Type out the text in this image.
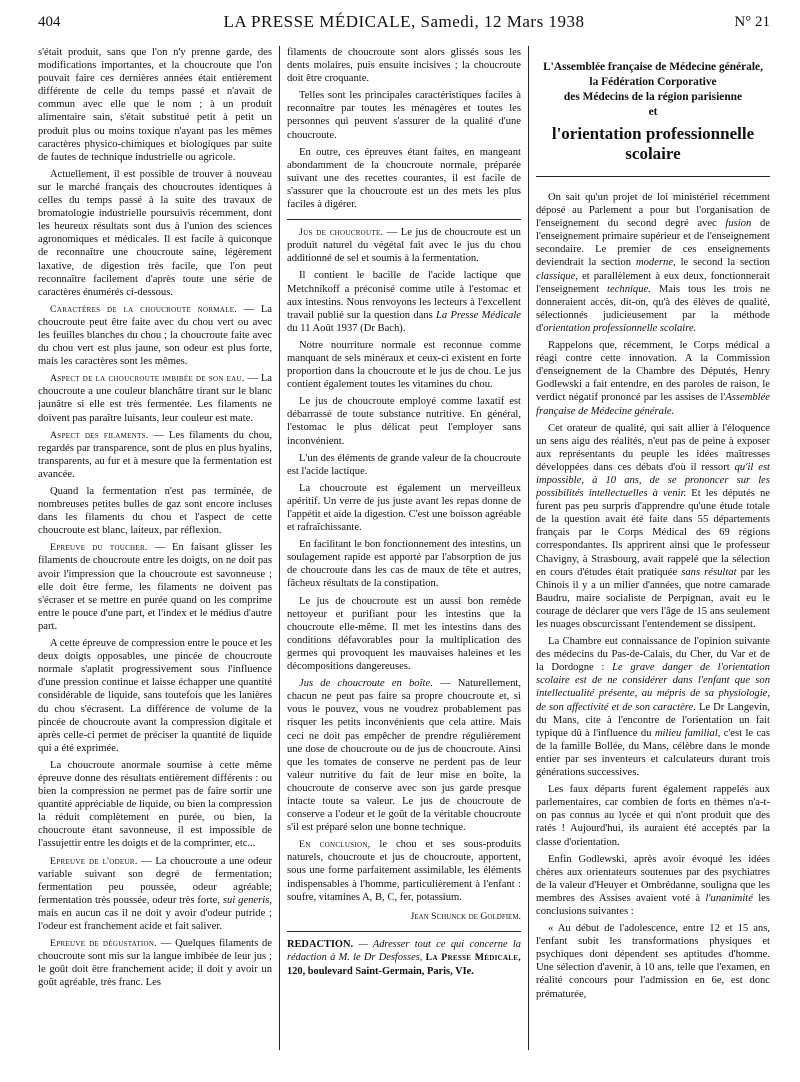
404	LA PRESSE MÉDICALE, Samedi, 12 Mars 1938	N° 21

s'était produit, sans que l'on n'y prenne garde, des modifications importantes, et la choucroute que l'on pouvait faire ces dernières années était entièrement différente de celle du temps passé et n'avait de commun avec elle que le nom ; à un produit alimentaire sain, s'était substitué petit à petit un produit plus ou moins toxique n'ayant pas les mêmes caractères physico-chimiques et biologiques par suite de fautes de technique industrielle ou agricole.

Actuellement, il est possible de trouver à nouveau sur le marché français des choucroutes identiques à celles du temps passé à la suite des travaux de bromatologie industrielle poursuivis récemment, dont les heureux résultats sont dus à l'union des sciences agronomiques et médicales. Il est facile à quiconque de reconnaître une choucroute saine, légèrement laxative, de digestion très facile, que l'on peut reconnaître facilement d'après toute une série de caractères énumérés ci-dessous.

Caractères de la choucroute normale. — La choucroute peut être faite avec du chou vert ou avec les feuilles blanches du chou ; la choucroute faite avec du chou vert est plus jaune, son odeur est plus forte, mais les caractères sont les mêmes.

Aspect de la choucroute imbibée de son eau. — La choucroute a une couleur blanchâtre tirant sur le blanc jaunâtre si elle est très fermentée. Les filaments ne doivent pas paraître luisants, leur couleur est mate.

Aspect des filaments. — Les filaments du chou, regardés par transparence, sont de plus en plus hyalins, transparents, au fur et à mesure que la fermentation est avancée.

Quand la fermentation n'est pas terminée, de nombreuses petites bulles de gaz sont encore incluses dans les filaments du chou et l'aspect de cette choucroute est blanc, laiteux, par réflexion.

Epreuve du toucher. — En faisant glisser les filaments de choucroute entre les doigts, on ne doit pas avoir l'impression que la choucroute est savonneuse ; elle doit être ferme, les filaments ne doivent pas s'écraser et se mettre en purée quand on les comprime entre le pouce d'une part, et l'index et le médius d'autre part.

A cette épreuve de compression entre le pouce et les deux doigts opposables, une pincée de choucroute normale s'aplatit progressivement sous l'influence d'une pression continue et laisse échapper une quantité considérable de liquide, sans toutefois que les lanières du chou s'écrasent. La différence de volume de la pincée de choucroute avant la compression digitale et après celle-ci permet de préciser la quantité de liquide qui a été exprimée.

La choucroute anormale soumise à cette même épreuve donne des résultats entièrement différents : ou bien la compression ne permet pas de faire sortir une quantité appréciable de liquide, ou bien la compression la réduit complètement en purée, ou bien, la choucroute étant savonneuse, il est impossible de l'assujettir entre les doigts et de la comprimer, etc...

Epreuve de l'odeur. — La choucroute a une odeur variable suivant son degré de fermentation; fermentation peu poussée, odeur agréable; fermentation très poussée, odeur très forte, sui generis, mais en aucun cas il ne doit y avoir d'odeur putride ; l'odeur est franchement acide et fait saliver.

Epreuve de dégustation. — Quelques filaments de choucroute sont mis sur la langue imbibée de leur jus ; le goût doit être franchement acide; il doit y avoir un goût agréable, très franc. Les

filaments de choucroute sont alors glissés sous les dents molaires, puis ensuite incisives ; la choucroute doit être croquante.

Telles sont les principales caractéristiques faciles à reconnaître par toutes les ménagères et toutes les personnes qui peuvent s'assurer de la qualité d'une choucroute.

En outre, ces épreuves étant faites, en mangeant abondamment de la choucroute normale, préparée suivant une des recettes courantes, il est facile de s'assurer que la choucroute est un des mets les plus faciles à digérer.

Jus de choucroute. — Le jus de choucroute est un produit naturel du végétal fait avec le jus du chou additionné de sel et soumis à la fermentation.

Il contient le bacille de l'acide lactique que Metchnikoff a préconisé comme utile à l'estomac et aux intestins. Nous renvoyons les lecteurs à l'excellent travail publié sur la question dans La Presse Médicale du 11 Août 1937 (Dr Bach).

Notre nourriture normale est reconnue comme manquant de sels minéraux et ceux-ci existent en forte proportion dans la choucroute et le jus de chou. Le jus contient également toutes les vitamines du chou.

Le jus de choucroute employé comme laxatif est débarrassé de toute substance nutritive. En général, l'estomac le plus délicat peut l'employer sans inconvénient.

L'un des éléments de grande valeur de la choucroute est l'acide lactique.

La choucroute est également un merveilleux apéritif. Un verre de jus juste avant les repas donne de l'appétit et aide la digestion. C'est une boisson agréable et rafraîchissante.

En facilitant le bon fonctionnement des intestins, un soulagement rapide est apporté par l'absorption de jus de choucroute dans les cas de maux de tête et autres, fâcheux résultats de la constipation.

Le jus de choucroute est un aussi bon remède nettoyeur et purifiant pour les intestins que la choucroute elle-même. Il met les intestins dans des conditions défavorables pour la multiplication des germes qui provoquent les mauvaises haleines et les décompositions dangereuses.

Jus de choucroute en boîte. — Naturellement, chacun ne peut pas faire sa propre choucroute et, si vous le pouvez, vous ne voudrez probablement pas risquer les petits inconvénients que cela attire. Mais ceci ne doit pas empêcher de prendre régulièrement une dose de choucroute ou de jus de choucroute. Ainsi que les tomates de conserve ne perdent pas de leur valeur nutritive du fait de leur mise en boîte, la choucroute de conserve avec son jus garde presque intacte toute sa valeur. Le jus de choucroute de conserve a l'odeur et le goût de la véritable choucroute s'il est préparé selon une bonne technique.

En conclusion, le chou et ses sous-produits naturels, choucroute et jus de choucroute, apportent, sous une forme parfaitement assimilable, les éléments indispensables à l'homme, particulièrement à l'enfant : soufre, vitamines A, B, C, fer, potassium.

Jean Schunck de Goldfiem.

REDACTION. — Adresser tout ce qui concerne la rédaction à M. le Dr Desfosses, La Presse Médicale, 120, boulevard Saint-Germain, Paris, VIe.

L'Assemblée française de Médecine générale,
la Fédération Corporative
des Médecins de la région parisienne
et
l'orientation professionnelle scolaire

On sait qu'un projet de loi ministériel récemment déposé au Parlement a pour but l'organisation de l'enseignement du second degré avec fusion de l'enseignement primaire supérieur et de l'enseignement secondaire. Le premier de ces enseignements deviendrait la section moderne, le second la section classique, et parallèlement à eux deux, fonctionnerait l'enseignement technique. Mais tous les trois ne donneraient accès, dit-on, qu'à des élèves de qualité, sélectionnés judicieusement par la méthode d'orientation professionnelle scolaire.

Rappelons que, récemment, le Corps médical a réagi contre cette innovation. A la Commission d'enseignement de la Chambre des Députés, Henry Godlewski a fait entendre, en des paroles de raison, le verdict négatif prononcé par les assises de l'Assemblée française de Médecine générale.

Cet orateur de qualité, qui sait allier à l'éloquence un sens aigu des réalités, n'eut pas de peine à exposer aux représentants du peuple les idées maîtresses développées dans ces débats d'où il ressort qu'il est impossible, à 10 ans, de se prononcer sur les possibilités intellectuelles à venir. Et les députés ne furent pas peu surpris d'apprendre qu'une étude totale de la question avait été faite dans 55 départements français par le Corps Médical des 69 régions correspondantes. Ils apprirent ainsi que le professeur Chavigny, à Strasbourg, avait rappelé que la sélection en cours d'études était pratiquée sans résultat par les Chinois il y a un milier d'années, que notre camarade Baudru, maire socialiste de Perpignan, avait eu le courage de déclarer que vers l'âge de 15 ans seulement les nuages obscurcissant l'entendement se dissipent.

La Chambre eut connaissance de l'opinion suivante des médecins du Pas-de-Calais, du Cher, du Var et de la Dordogne : Le grave danger de l'orientation scolaire est de ne considérer dans l'enfant que son intellectualité présente, au mépris de sa physiologie, de son affectivité et de son caractère. Le Dr Langevin, du Mans, cite à l'encontre de l'orientation un fait typique dû à l'influence du milieu familial, c'est le cas de la famille Bollée, du Mans, célèbre dans le monde entier par ses inventeurs et calculateurs durant trois générations successives.

Les faux départs furent également rappelés aux parlementaires, car combien de forts en thèmes n'a-t-on pas connus au lycée et qui n'ont produit que des ratés ! Aujourd'hui, ils auraient été acceptés par la classe d'orientation.

Enfin Godlewski, après avoir évoqué les idées chères aux orientateurs soutenues par des psychiatres de la valeur d'Heuyer et Ombrédanne, souligna que les membres des Assises avaient voté à l'unanimité les conclusions suivantes :

« Au début de l'adolescence, entre 12 et 15 ans, l'enfant subit les transformations physiques et psychiques dont dépendent ses aptitudes d'homme. Une sélection d'avenir, à 10 ans, telle que l'examen, en réalité concours pour l'admission en 6e, est donc prématurée,
